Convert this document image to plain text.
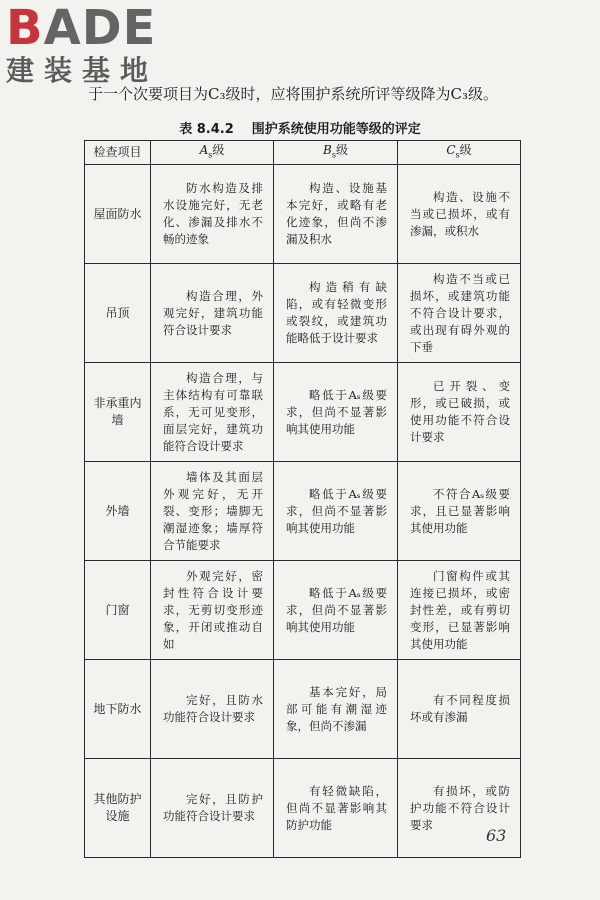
BADE
建装基地
于一个次要项目为C₃级时，应将围护系统所评等级降为C₃级。
表 8.4.2 围护系统使用功能等级的评定
检查项目	$A_s$级	$B_s$级	$C_s$级
屋面防水	防水构造及排水设施完好，无老化、渗漏及排水不畅的迹象	构造、设施基本完好，或略有老化迹象，但尚不渗漏及积水	构造、设施不当或已损坏，或有渗漏，或积水
吊顶	构造合理，外观完好，建筑功能符合设计要求	构造稍有缺陷，或有轻微变形或裂纹，或建筑功能略低于设计要求	构造不当或已损坏，或建筑功能不符合设计要求，或出现有碍外观的下垂
非承重内墙	构造合理，与主体结构有可靠联系，无可见变形，面层完好，建筑功能符合设计要求	略低于Aₛ级要求，但尚不显著影响其使用功能	已开裂、变形，或已破损，或使用功能不符合设计要求
外墙	墙体及其面层外观完好，无开裂、变形；墙脚无潮湿迹象；墙厚符合节能要求	略低于Aₛ级要求，但尚不显著影响其使用功能	不符合Aₛ级要求，且已显著影响其使用功能
门窗	外观完好，密封性符合设计要求，无剪切变形迹象，开闭或推动自如	略低于Aₛ级要求，但尚不显著影响其使用功能	门窗构件或其连接已损坏，或密封性差，或有剪切变形，已显著影响其使用功能
地下防水	完好，且防水功能符合设计要求	基本完好，局部可能有潮湿迹象，但尚不渗漏	有不同程度损坏或有渗漏
其他防护设施	完好，且防护功能符合设计要求	有轻微缺陷，但尚不显著影响其防护功能	有损坏，或防护功能不符合设计要求
63
